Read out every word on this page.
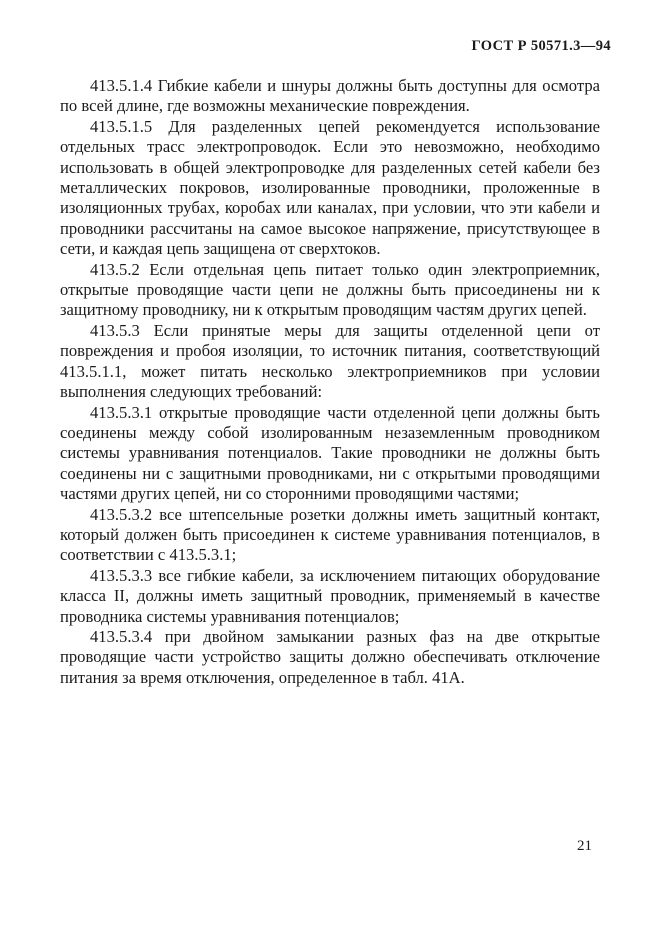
ГОСТ Р 50571.3—94

413.5.1.4 Гибкие кабели и шнуры должны быть доступны для осмотра по всей длине, где возможны механические повреждения.

413.5.1.5 Для разделенных цепей рекомендуется использование отдельных трасс электропроводок. Если это невозможно, необходимо использовать в общей электропроводке для разделенных сетей кабели без металлических покровов, изолированные проводники, проложенные в изоляционных трубах, коробах или каналах, при условии, что эти кабели и проводники рассчитаны на самое высокое напряжение, присутствующее в сети, и каждая цепь защищена от сверхтоков.

413.5.2 Если отдельная цепь питает только один электроприемник, открытые проводящие части цепи не должны быть присоединены ни к защитному проводнику, ни к открытым проводящим частям других цепей.

413.5.3 Если принятые меры для защиты отделенной цепи от повреждения и пробоя изоляции, то источник питания, соответствующий 413.5.1.1, может питать несколько электроприемников при условии выполнения следующих требований:

413.5.3.1 открытые проводящие части отделенной цепи должны быть соединены между собой изолированным незаземленным проводником системы уравнивания потенциалов. Такие проводники не должны быть соединены ни с защитными проводниками, ни с открытыми проводящими частями других цепей, ни со сторонними проводящими частями;

413.5.3.2 все штепсельные розетки должны иметь защитный контакт, который должен быть присоединен к системе уравнивания потенциалов, в соответствии с 413.5.3.1;

413.5.3.3 все гибкие кабели, за исключением питающих оборудование класса II, должны иметь защитный проводник, применяемый в качестве проводника системы уравнивания потенциалов;

413.5.3.4 при двойном замыкании разных фаз на две открытые проводящие части устройство защиты должно обеспечивать отключение питания за время отключения, определенное в табл. 41А.

21
